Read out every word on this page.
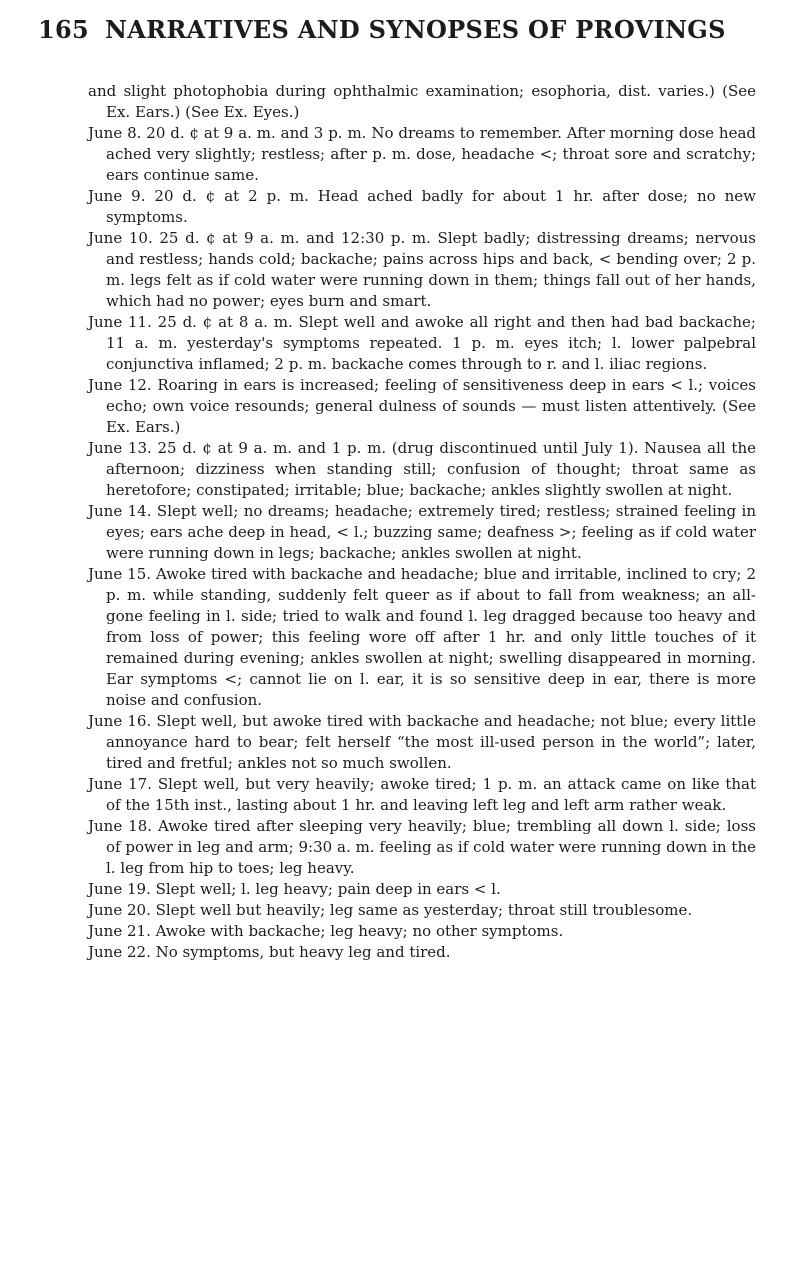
165 NARRATIVES AND SYNOPSES OF PROVINGS

and slight photophobia during ophthalmic examination; esophoria, dist. varies.) (See Ex. Ears.) (See Ex. Eyes.)

June 8. 20 d. ¢ at 9 a. m. and 3 p. m. No dreams to remember. After morning dose head ached very slightly; restless; after p. m. dose, headache <; throat sore and scratchy; ears continue same.

June 9. 20 d. ¢ at 2 p. m. Head ached badly for about 1 hr. after dose; no new symptoms.

June 10. 25 d. ¢ at 9 a. m. and 12:30 p. m. Slept badly; distressing dreams; nervous and restless; hands cold; backache; pains across hips and back, < bending over; 2 p. m. legs felt as if cold water were running down in them; things fall out of her hands, which had no power; eyes burn and smart.

June 11. 25 d. ¢ at 8 a. m. Slept well and awoke all right and then had bad backache; 11 a. m. yesterday's symptoms repeated. 1 p. m. eyes itch; l. lower palpebral conjunctiva inflamed; 2 p. m. backache comes through to r. and l. iliac regions.

June 12. Roaring in ears is increased; feeling of sensitiveness deep in ears < l.; voices echo; own voice resounds; general dulness of sounds — must listen attentively. (See Ex. Ears.)

June 13. 25 d. ¢ at 9 a. m. and 1 p. m. (drug discontinued until July 1). Nausea all the afternoon; dizziness when standing still; confusion of thought; throat same as heretofore; constipated; irritable; blue; backache; ankles slightly swollen at night.

June 14. Slept well; no dreams; headache; extremely tired; restless; strained feeling in eyes; ears ache deep in head, < l.; buzzing same; deafness >; feeling as if cold water were running down in legs; backache; ankles swollen at night.

June 15. Awoke tired with backache and headache; blue and irritable, inclined to cry; 2 p. m. while standing, suddenly felt queer as if about to fall from weakness; an all-gone feeling in l. side; tried to walk and found l. leg dragged because too heavy and from loss of power; this feeling wore off after 1 hr. and only little touches of it remained during evening; ankles swollen at night; swelling disappeared in morning. Ear symptoms <; cannot lie on l. ear, it is so sensitive deep in ear, there is more noise and confusion.

June 16. Slept well, but awoke tired with backache and headache; not blue; every little annoyance hard to bear; felt herself “the most ill-used person in the world”; later, tired and fretful; ankles not so much swollen.

June 17. Slept well, but very heavily; awoke tired; 1 p. m. an attack came on like that of the 15th inst., lasting about 1 hr. and leaving left leg and left arm rather weak.

June 18. Awoke tired after sleeping very heavily; blue; trembling all down l. side; loss of power in leg and arm; 9:30 a. m. feeling as if cold water were running down in the l. leg from hip to toes; leg heavy.

June 19. Slept well; l. leg heavy; pain deep in ears < l.

June 20. Slept well but heavily; leg same as yesterday; throat still troublesome.

June 21. Awoke with backache; leg heavy; no other symptoms.

June 22. No symptoms, but heavy leg and tired.
